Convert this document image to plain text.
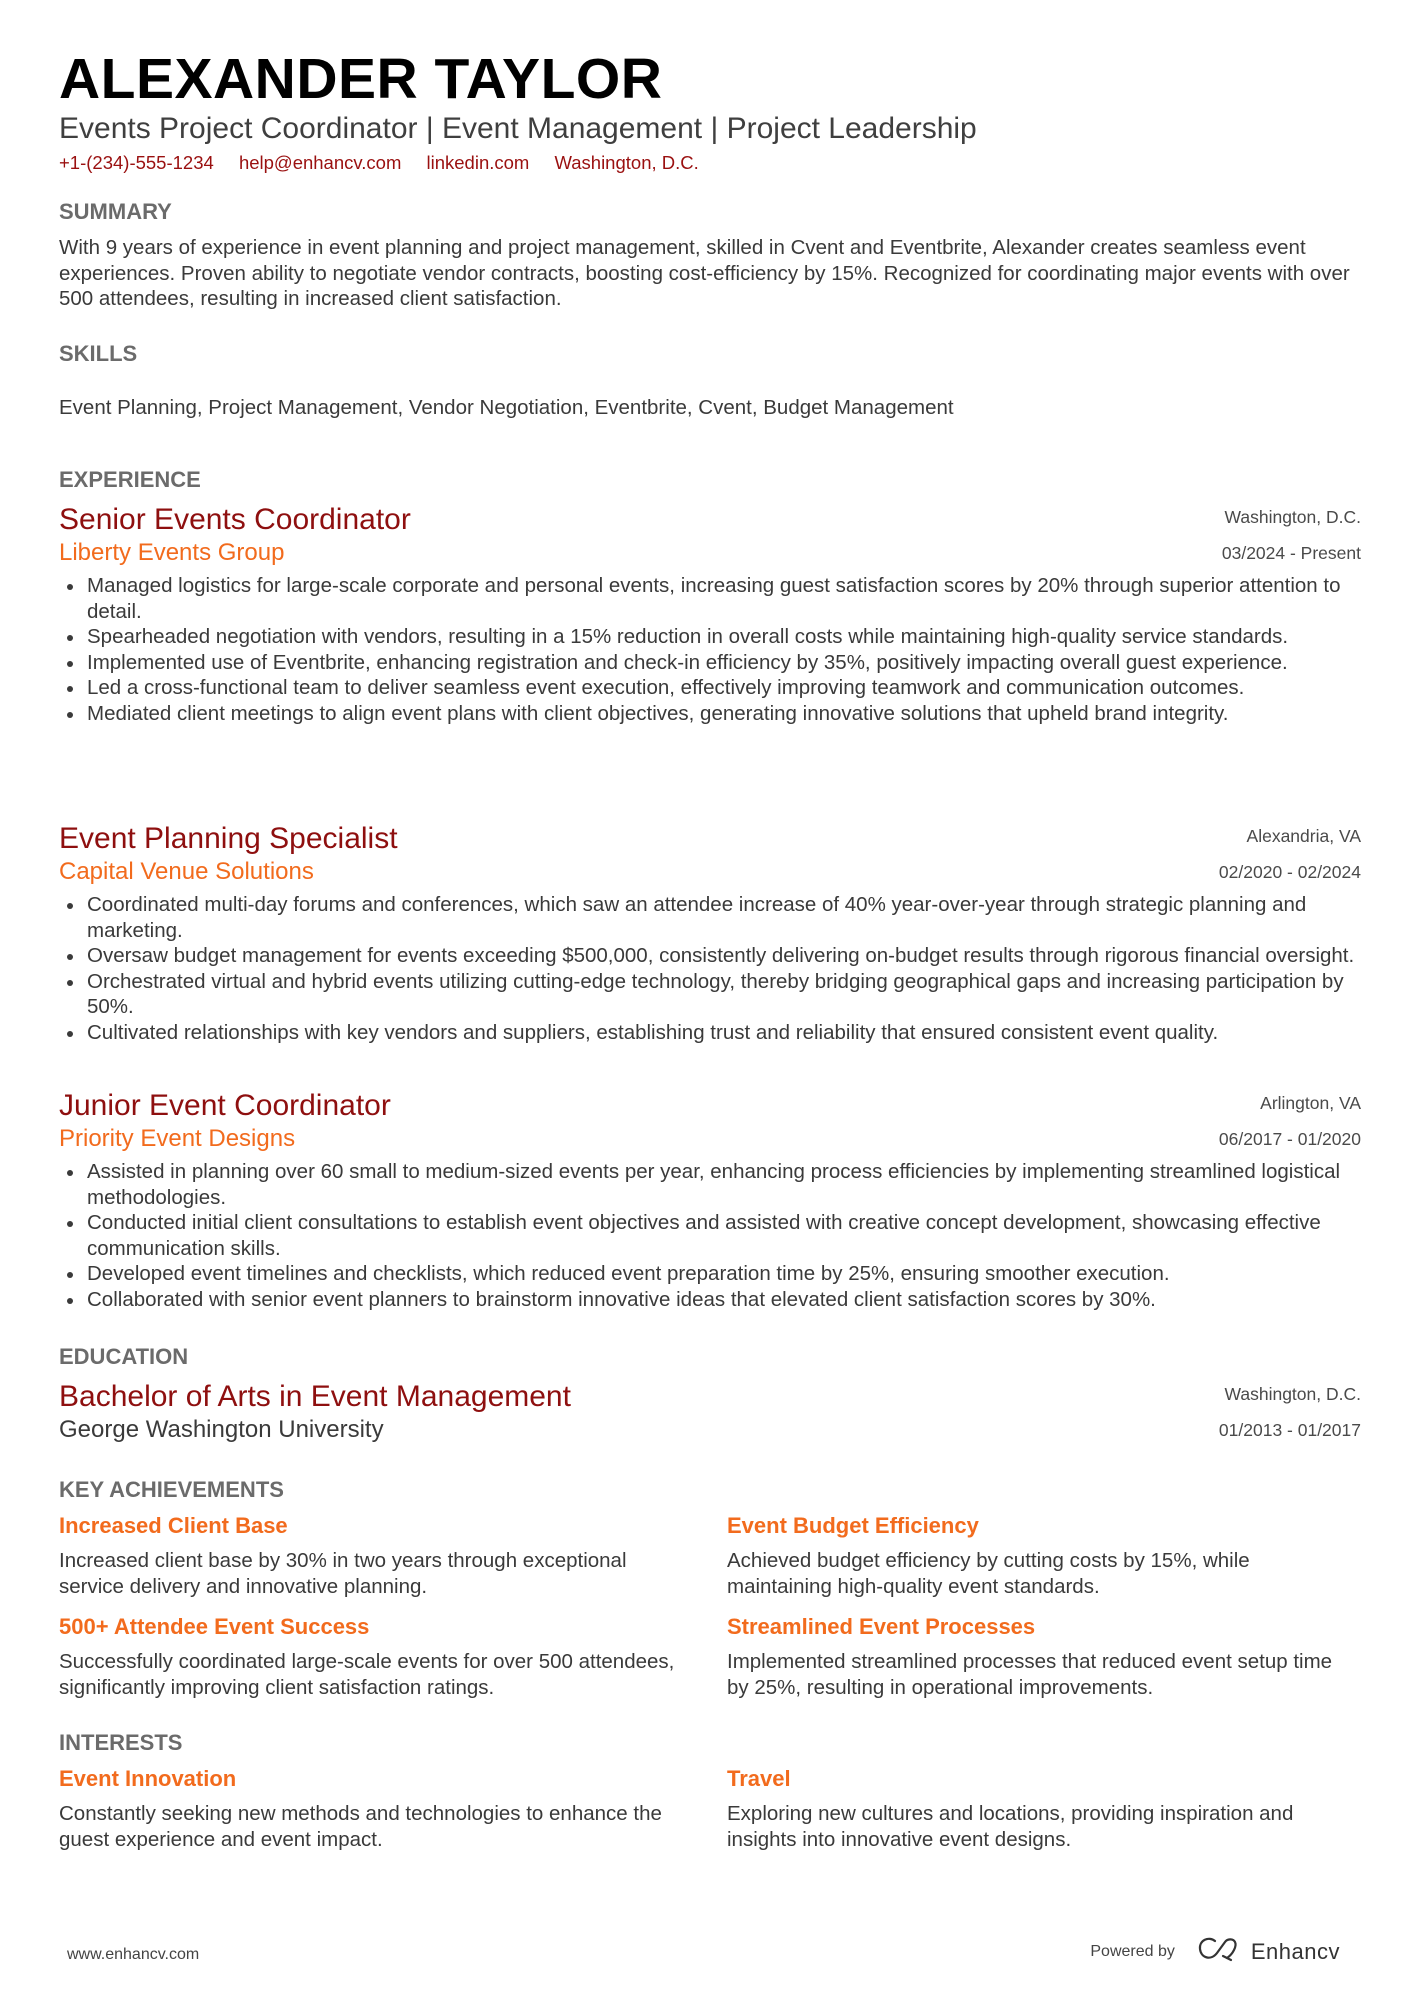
ALEXANDER TAYLOR
Events Project Coordinator | Event Management | Project Leadership
+1-(234)-555-1234 help@enhancv.com linkedin.com Washington, D.C.
SUMMARY
With 9 years of experience in event planning and project management, skilled in Cvent and Eventbrite, Alexander creates seamless event experiences. Proven ability to negotiate vendor contracts, boosting cost-efficiency by 15%. Recognized for coordinating major events with over 500 attendees, resulting in increased client satisfaction.
SKILLS
Event Planning, Project Management, Vendor Negotiation, Eventbrite, Cvent, Budget Management
EXPERIENCE
Senior Events Coordinator
Liberty Events Group
Washington, D.C.
03/2024 - Present
Managed logistics for large-scale corporate and personal events, increasing guest satisfaction scores by 20% through superior attention to detail.
Spearheaded negotiation with vendors, resulting in a 15% reduction in overall costs while maintaining high-quality service standards.
Implemented use of Eventbrite, enhancing registration and check-in efficiency by 35%, positively impacting overall guest experience.
Led a cross-functional team to deliver seamless event execution, effectively improving teamwork and communication outcomes.
Mediated client meetings to align event plans with client objectives, generating innovative solutions that upheld brand integrity.
Event Planning Specialist
Capital Venue Solutions
Alexandria, VA
02/2020 - 02/2024
Coordinated multi-day forums and conferences, which saw an attendee increase of 40% year-over-year through strategic planning and marketing.
Oversaw budget management for events exceeding $500,000, consistently delivering on-budget results through rigorous financial oversight.
Orchestrated virtual and hybrid events utilizing cutting-edge technology, thereby bridging geographical gaps and increasing participation by 50%.
Cultivated relationships with key vendors and suppliers, establishing trust and reliability that ensured consistent event quality.
Junior Event Coordinator
Priority Event Designs
Arlington, VA
06/2017 - 01/2020
Assisted in planning over 60 small to medium-sized events per year, enhancing process efficiencies by implementing streamlined logistical methodologies.
Conducted initial client consultations to establish event objectives and assisted with creative concept development, showcasing effective communication skills.
Developed event timelines and checklists, which reduced event preparation time by 25%, ensuring smoother execution.
Collaborated with senior event planners to brainstorm innovative ideas that elevated client satisfaction scores by 30%.
EDUCATION
Bachelor of Arts in Event Management
George Washington University
Washington, D.C.
01/2013 - 01/2017
KEY ACHIEVEMENTS
Increased Client Base
Increased client base by 30% in two years through exceptional service delivery and innovative planning.
Event Budget Efficiency
Achieved budget efficiency by cutting costs by 15%, while maintaining high-quality event standards.
500+ Attendee Event Success
Successfully coordinated large-scale events for over 500 attendees, significantly improving client satisfaction ratings.
Streamlined Event Processes
Implemented streamlined processes that reduced event setup time by 25%, resulting in operational improvements.
INTERESTS
Event Innovation
Constantly seeking new methods and technologies to enhance the guest experience and event impact.
Travel
Exploring new cultures and locations, providing inspiration and insights into innovative event designs.
www.enhancv.com	Powered by	Enhancv
